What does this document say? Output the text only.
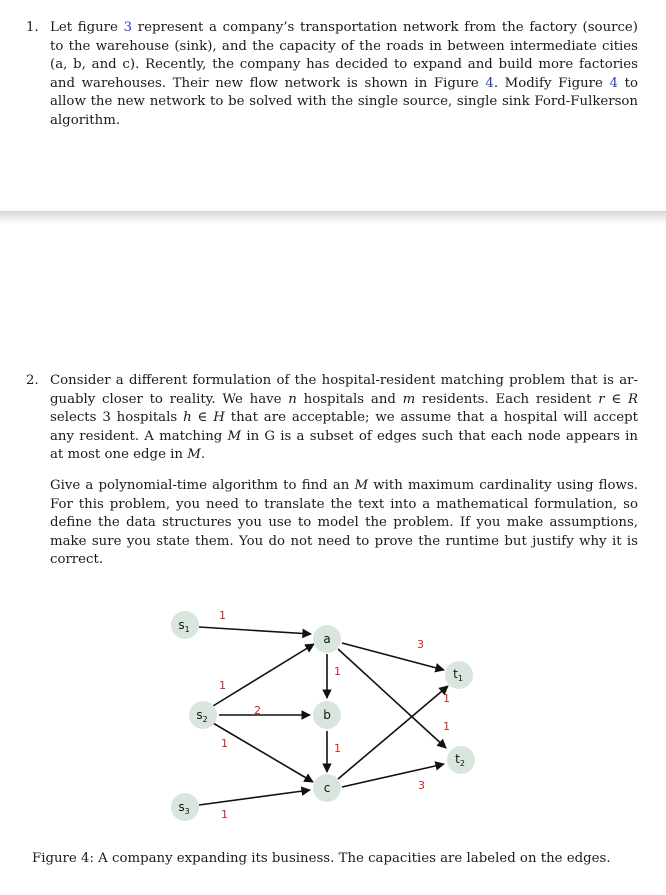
1. Let figure 3 represent a company’s transportation network from the factory (source) to the warehouse (sink), and the capacity of the roads in between intermediate cities (a, b, and c). Recently, the company has decided to expand and build more factories and warehouses. Their new flow network is shown in Figure 4. Modify Figure 4 to allow the new network to be solved with the single source, single sink Ford-Fulkerson algorithm.
2. Consider a different formulation of the hospital-resident matching problem that is arguably closer to reality. We have n hospitals and m residents. Each resident r ∈ R selects 3 hospitals h ∈ H that are acceptable; we assume that a hospital will accept any resident. A matching M in G is a subset of edges such that each node appears in at most one edge in M.
Give a polynomial-time algorithm to find an M with maximum cardinality using flows. For this problem, you need to translate the text into a mathematical formulation, so define the data structures you use to model the problem. If you make assumptions, make sure you state them. You do not need to prove the runtime but justify why it is correct.
1
1
2
1
1
1
1
3
1
1
3
$s_1$
$s_2$
$s_3$
a
b
c
$t_1$
$t_2$
Figure 4: A company expanding its business. The capacities are labeled on the edges.
